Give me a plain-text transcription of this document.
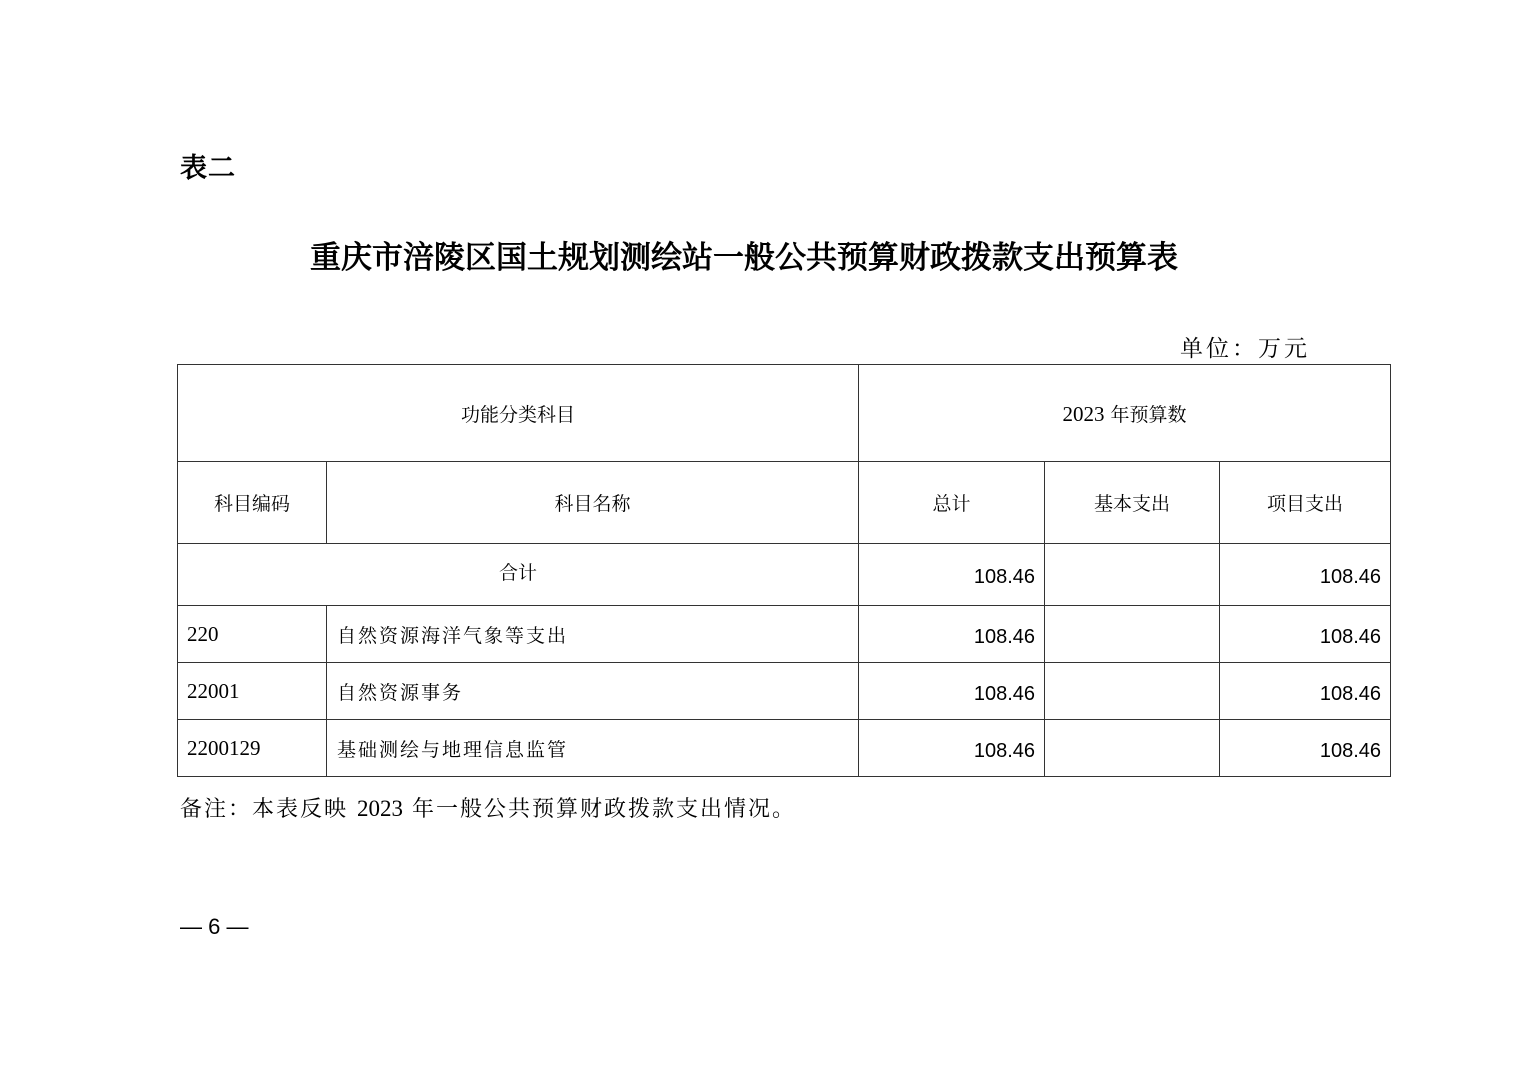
表二
重庆市涪陵区国土规划测绘站一般公共预算财政拨款支出预算表
单位：万元
功能分类科目		2023 年预算数		
科目编码	科目名称	总计	基本支出	项目支出
合计		108.46		108.46
220	自然资源海洋气象等支出	108.46		108.46
22001	自然资源事务	108.46		108.46
2200129	基础测绘与地理信息监管	108.46		108.46
备注：本表反映 2023 年一般公共预算财政拨款支出情况。
— 6 —
